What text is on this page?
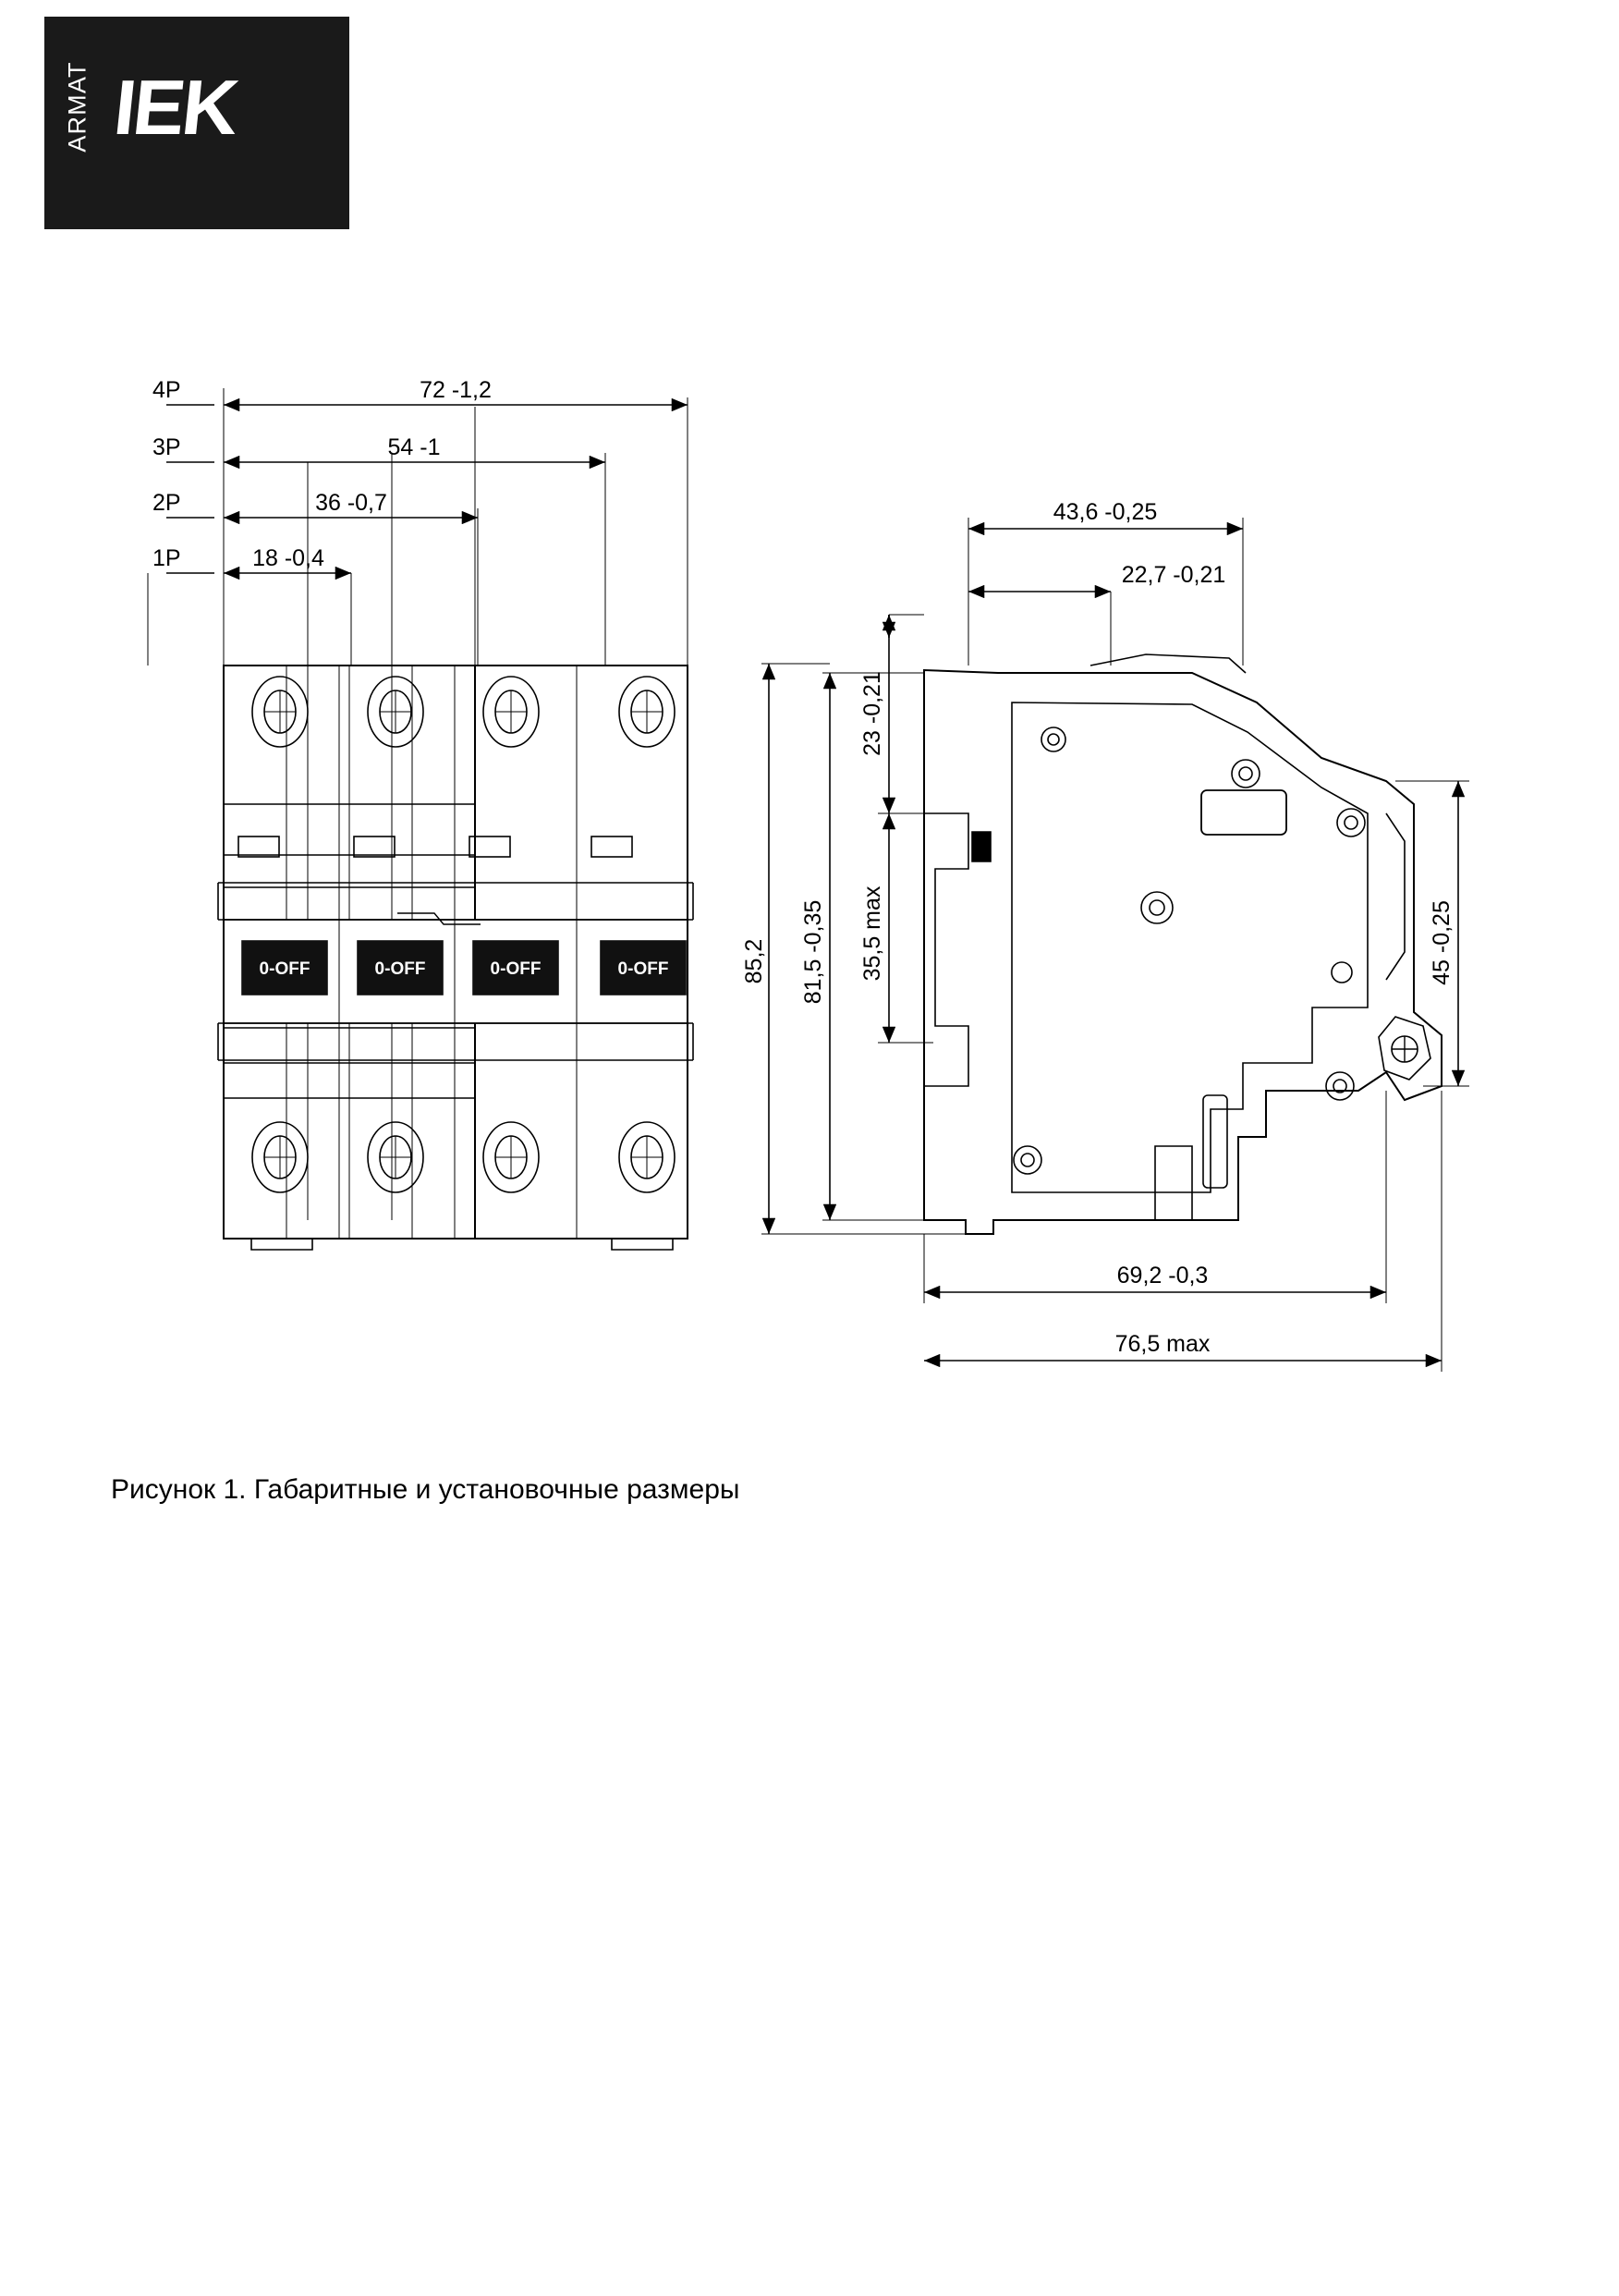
ARMAT IEK
4P
3P
2P
1P
72 -1,2
54 -1
36 -0,7
18 -0,4
0-OFF	0-OFF	0-OFF	0-OFF
43,6 -0,25
22,7 -0,21
23 -0,21
35,5 max
81,5 -0,35
85,2	45 -0,25
69,2 -0,3
76,5 max
Рисунок 1. Габаритные и установочные размеры
